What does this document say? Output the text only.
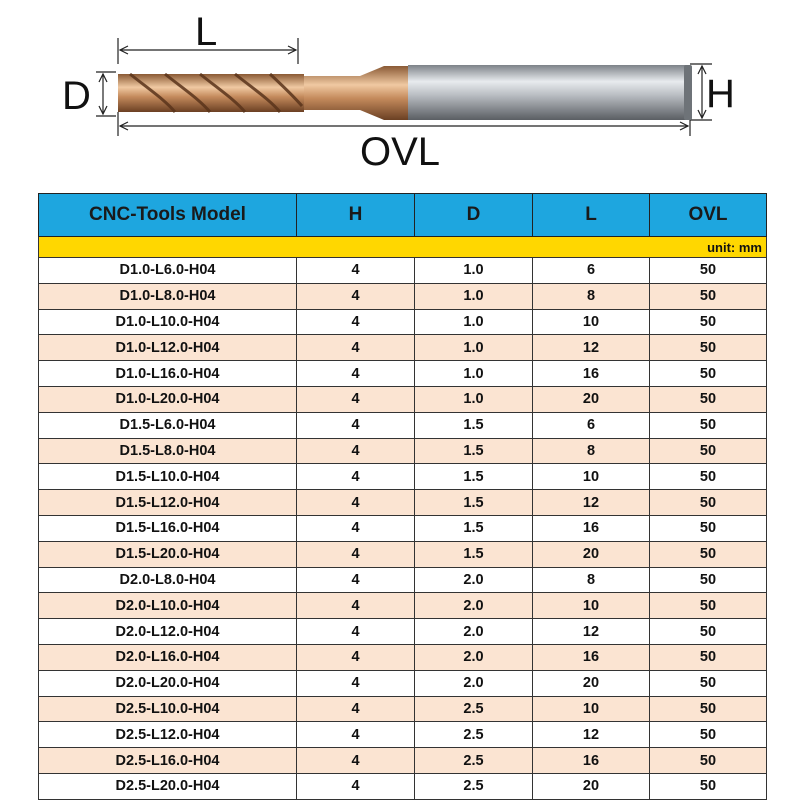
L
D	H
OVL
CNC-Tools Model	H	D	L	OVL
unit: mm				
D1.0-L6.0-H04	4	1.0	6	50
D1.0-L8.0-H04	4	1.0	8	50
D1.0-L10.0-H04	4	1.0	10	50
D1.0-L12.0-H04	4	1.0	12	50
D1.0-L16.0-H04	4	1.0	16	50
D1.0-L20.0-H04	4	1.0	20	50
D1.5-L6.0-H04	4	1.5	6	50
D1.5-L8.0-H04	4	1.5	8	50
D1.5-L10.0-H04	4	1.5	10	50
D1.5-L12.0-H04	4	1.5	12	50
D1.5-L16.0-H04	4	1.5	16	50
D1.5-L20.0-H04	4	1.5	20	50
D2.0-L8.0-H04	4	2.0	8	50
D2.0-L10.0-H04	4	2.0	10	50
D2.0-L12.0-H04	4	2.0	12	50
D2.0-L16.0-H04	4	2.0	16	50
D2.0-L20.0-H04	4	2.0	20	50
D2.5-L10.0-H04	4	2.5	10	50
D2.5-L12.0-H04	4	2.5	12	50
D2.5-L16.0-H04	4	2.5	16	50
D2.5-L20.0-H04	4	2.5	20	50
